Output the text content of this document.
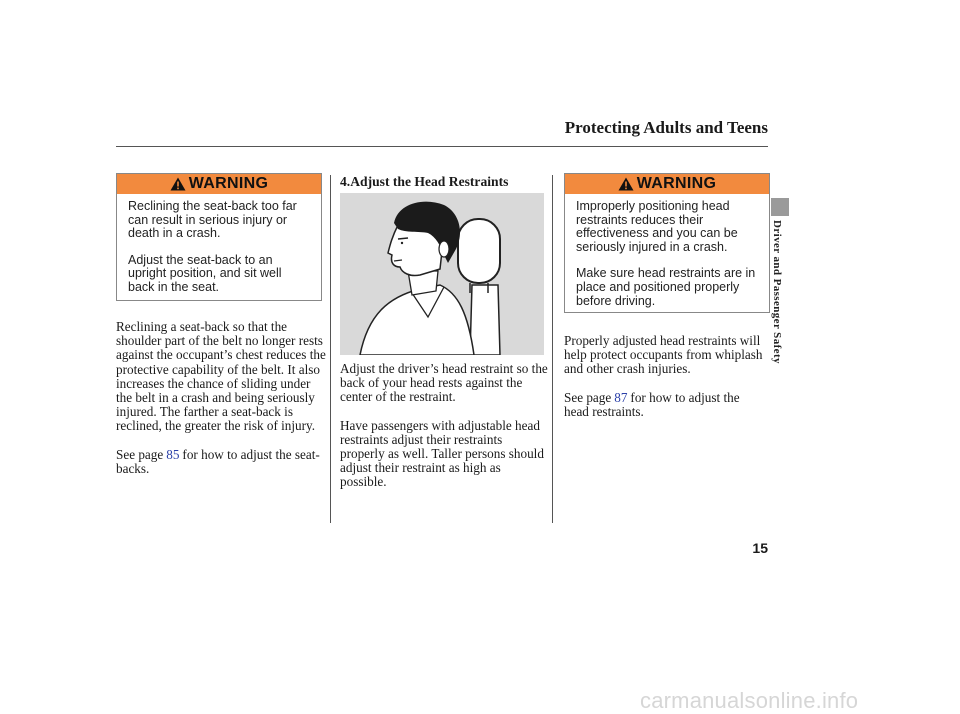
Protecting Adults and Teens
WARNING

Reclining the seat-back too far can result in serious injury or death in a crash.

Adjust the seat-back to an upright position, and sit well back in the seat.

Reclining a seat-back so that the shoulder part of the belt no longer rests against the occupant’s chest reduces the protective capability of the belt. It also increases the chance of sliding under the belt in a crash and being seriously injured. The farther a seat-back is reclined, the greater the risk of injury.

See page 85 for how to adjust the seat-backs.

4.Adjust the Head Restraints

Adjust the driver’s head restraint so the back of your head rests against the center of the restraint.

Have passengers with adjustable head restraints adjust their restraints properly as well. Taller persons should adjust their restraint as high as possible.

WARNING

Improperly positioning head restraints reduces their effectiveness and you can be seriously injured in a crash.

Make sure head restraints are in place and positioned properly before driving.

Properly adjusted head restraints will help protect occupants from whiplash and other crash injuries.

See page 87 for how to adjust the head restraints.

Driver and Passenger Safety
15
carmanualsonline.info
